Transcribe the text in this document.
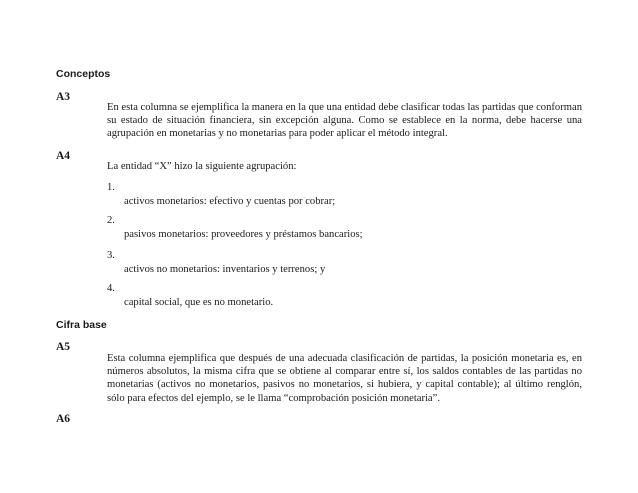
Conceptos
A3

En esta columna se ejemplifica la manera en la que una entidad debe clasificar todas las partidas que conforman su estado de situación financiera, sin excepción alguna. Como se establece en la norma, debe hacerse una agrupación en monetarias y no monetarias para poder aplicar el método integral.

A4
La entidad “X” hizo la siguiente agrupación:
1.
activos monetarios: efectivo y cuentas por cobrar;
2.
pasivos monetarios: proveedores y préstamos bancarios;
3.
activos no monetarios: inventarios y terrenos; y
4.
capital social, que es no monetario.
Cifra base
A5

Esta columna ejemplifica que después de una adecuada clasificación de partidas, la posición monetaria es, en números absolutos, la misma cifra que se obtiene al comparar entre sí, los saldos contables de las partidas no monetarias (activos no monetarios, pasivos no monetarios, si hubiera, y capital contable); al último renglón, sólo para efectos del ejemplo, se le llama “comprobación posición monetaria”.

A6
